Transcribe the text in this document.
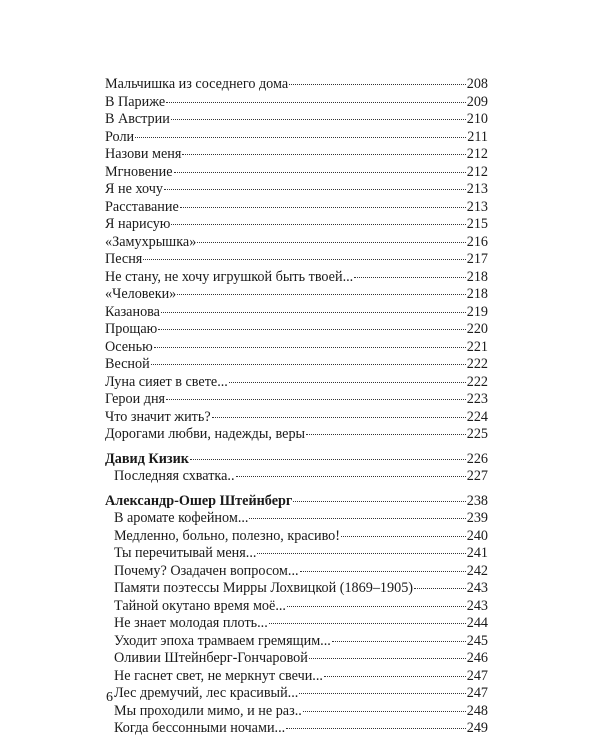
Мальчишка из соседнего дома	208
В Париже	209
В Австрии	210
Роли	211
Назови меня	212
Мгновение	212
Я не хочу	213
Расставание	213
Я нарисую	215
«Замухрышка»	216
Песня	217
Не стану, не хочу игрушкой быть твоей...	218
«Человеки»	218
Казанова	219
Прощаю	220
Осенью	221
Весной	222
Луна сияет в свете...	222
Герои дня	223
Что значит жить?	224
Дорогами любви, надежды, веры	225
Давид Кизик	226
Последняя схватка..	227
Александр-Ошер Штейнберг	238
В аромате кофейном...	239
Медленно, больно, полезно, красиво!	240
Ты перечитывай меня...	241
Почему? Озадачен вопросом...	242
Памяти поэтессы Мирры Лохвицкой (1869–1905)	243
Тайной окутано время моё...	243
Не знает молодая плоть...	244
Уходит эпоха трамваем гремящим...	245
Оливии Штейнберг-Гончаровой	246
Не гаснет свет, не меркнут свечи...	247
Лес дремучий, лес красивый...	247
Мы проходили мимо, и не раз..	248
Когда бессонными ночами...	249
6
